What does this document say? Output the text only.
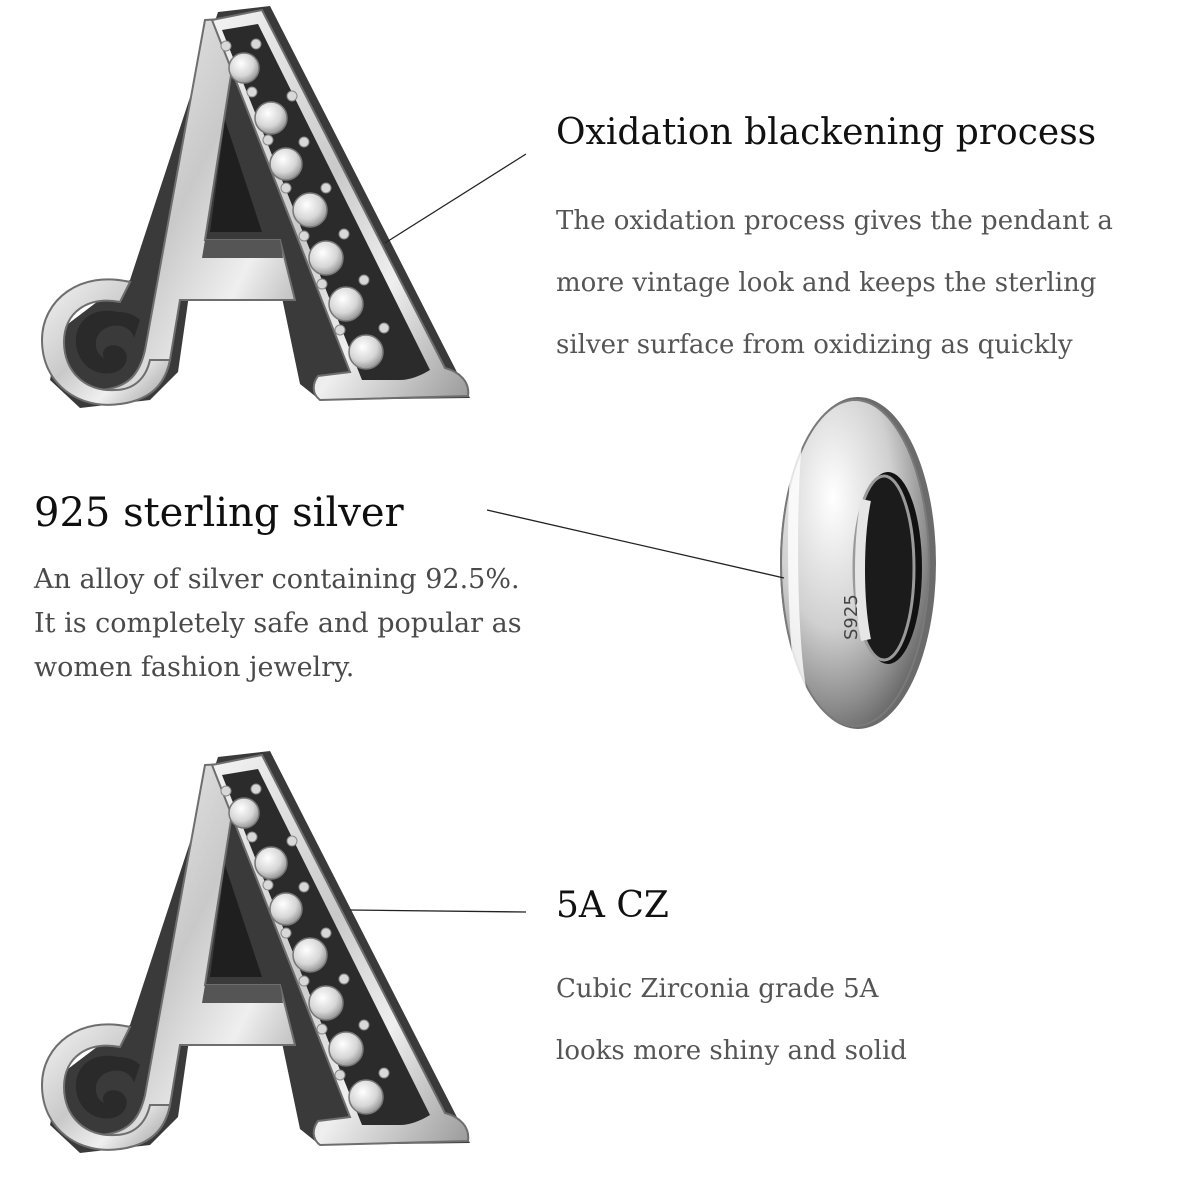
S925
Oxidation blackening process
The oxidation process gives the pendant a
more vintage look and keeps the sterling
silver surface from oxidizing as quickly
925 sterling silver
An alloy of silver containing 92.5%.
It is completely safe and popular as
women fashion jewelry.
5A CZ
Cubic Zirconia grade 5A
looks more shiny and solid
